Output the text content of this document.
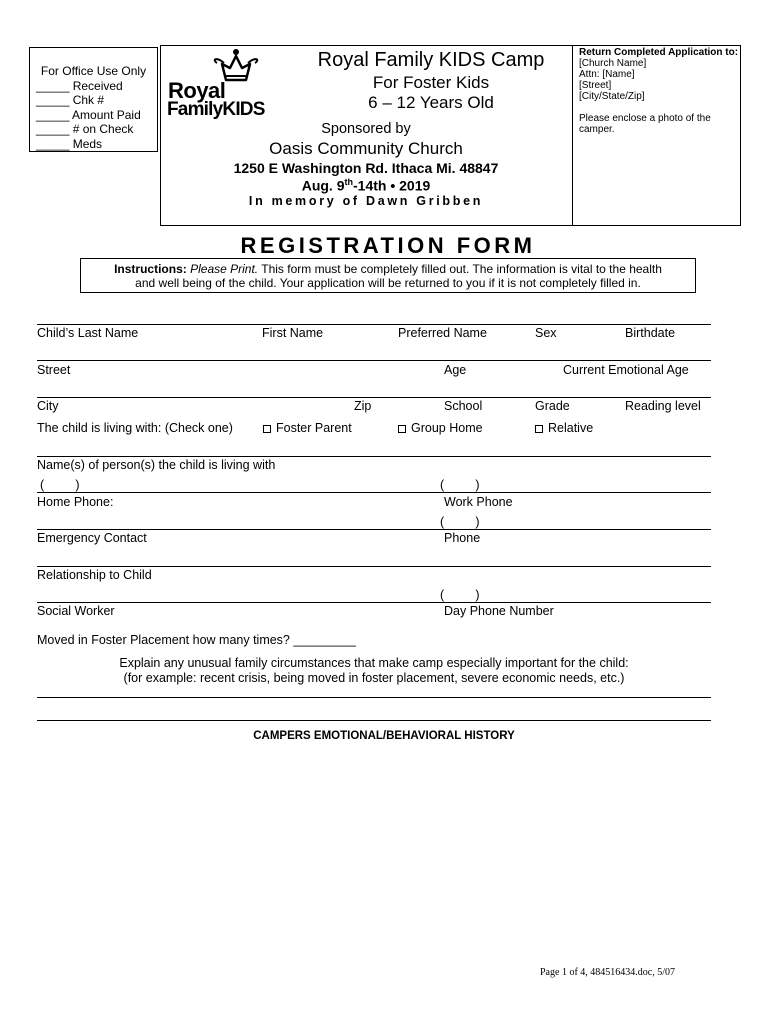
For Office Use Only
_____ Received
_____ Chk #
_____ Amount Paid
_____ # on Check
_____ Meds
Royal
FamilyKIDS
Royal Family KIDS Camp
For Foster Kids
6 – 12 Years Old
Sponsored by
Oasis Community Church
1250 E Washington Rd. Ithaca Mi. 48847
Aug. 9th-14th • 2019
In memory of Dawn Gribben
Return Completed Application to:
[Church Name]
Attn: [Name]
[Street]
[City/State/Zip]
Please enclose a photo of the camper.
REGISTRATION FORM
Instructions: Please Print. This form must be completely filled out. The information is vital to the health
and well being of the child. Your application will be returned to you if it is not completely filled in.
Child’s Last Name	First Name	Preferred Name	Sex	Birthdate
Street	Age	Current Emotional Age
City	Zip	School	Grade	Reading level
The child is living with: (Check one)	Foster Parent	Group Home	Relative
Name(s) of person(s) the child is living with
(         )	(         )
Home Phone:	Work Phone
(         )
Emergency Contact	Phone
Relationship to Child
(         )
Social Worker	Day Phone Number
Moved in Foster Placement how many times? _________
Explain any unusual family circumstances that make camp especially important for the child:
(for example: recent crisis, being moved in foster placement, severe economic needs, etc.)
CAMPERS EMOTIONAL/BEHAVIORAL HISTORY
Page 1 of 4, 484516434.doc, 5/07
